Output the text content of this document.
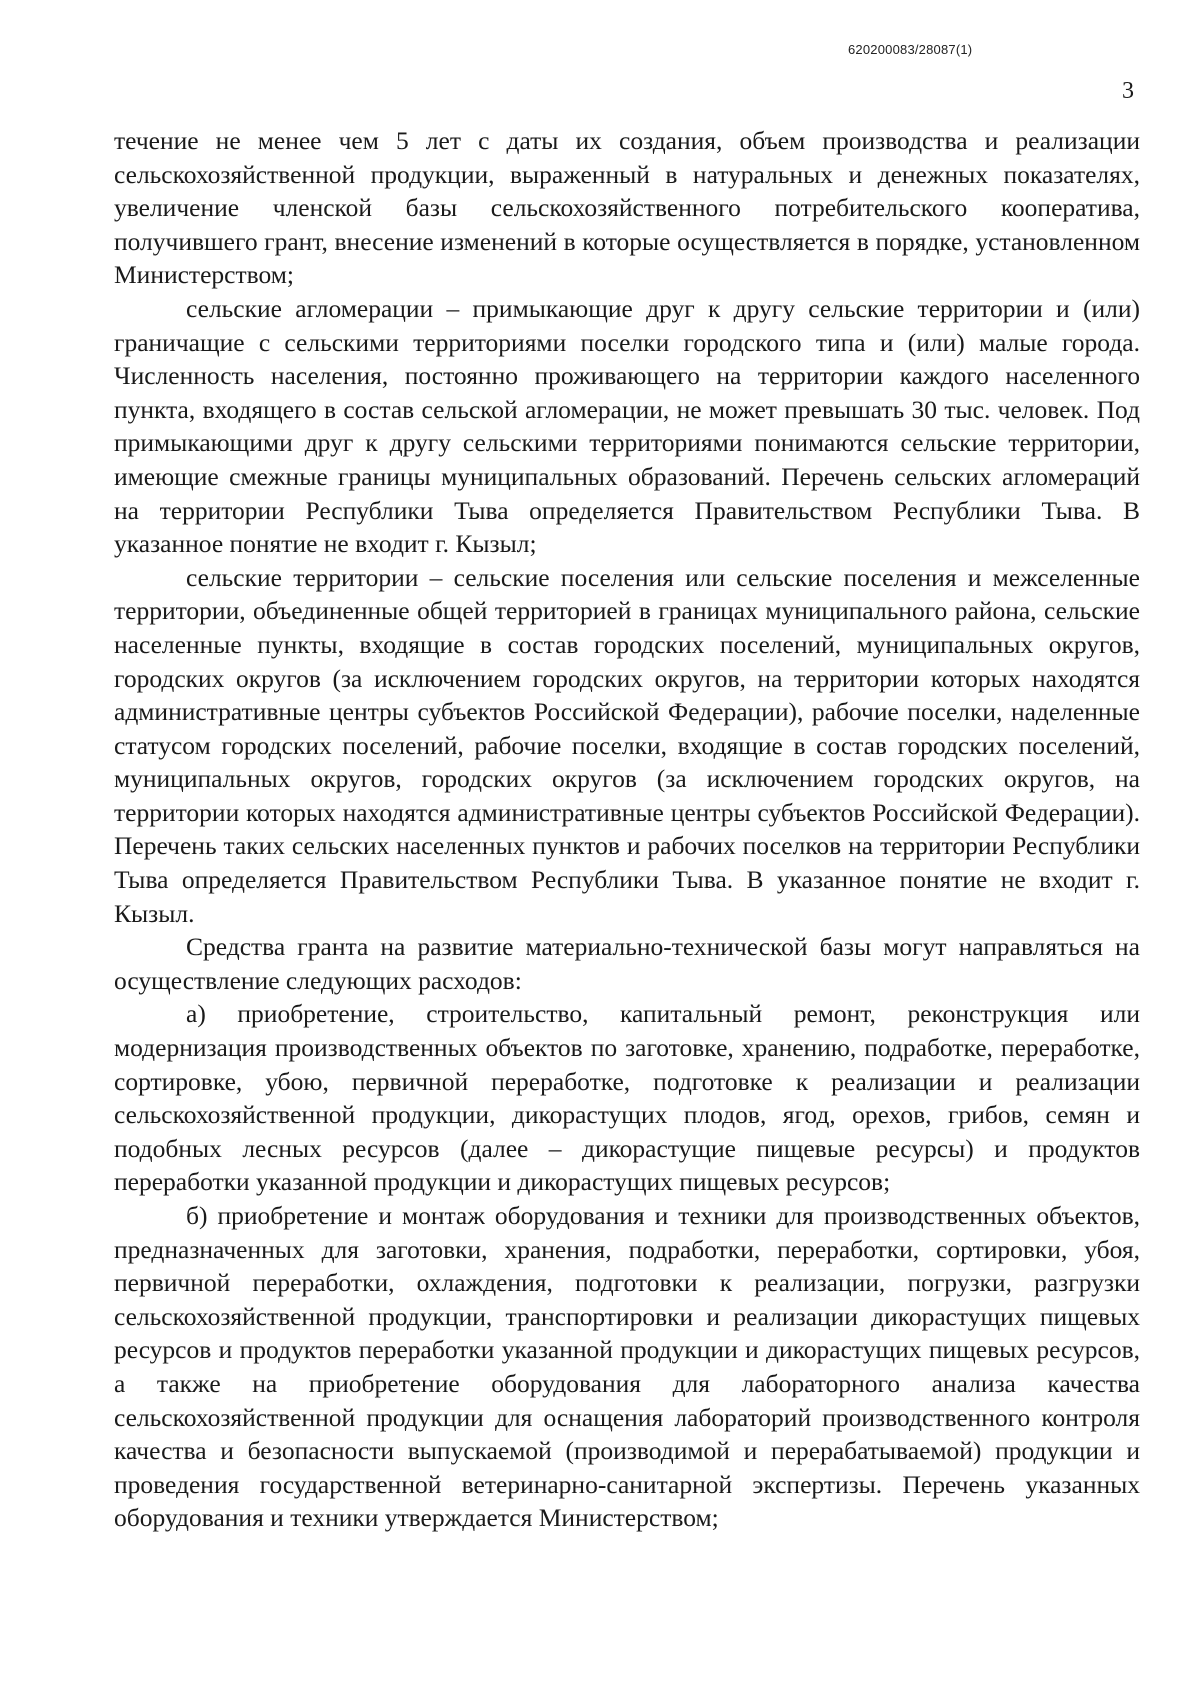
620200083/28087(1)
3

течение не менее чем 5 лет с даты их создания, объем производства и реализации сельскохозяйственной продукции, выраженный в натуральных и денежных показателях, увеличение членской базы сельскохозяйственного потребительского кооператива, получившего грант, внесение изменений в которые осуществляется в порядке, установленном Министерством;

сельские агломерации – примыкающие друг к другу сельские территории и (или) граничащие с сельскими территориями поселки городского типа и (или) малые города. Численность населения, постоянно проживающего на территории каждого населенного пункта, входящего в состав сельской агломерации, не может превышать 30 тыс. человек. Под примыкающими друг к другу сельскими территориями понимаются сельские территории, имеющие смежные границы муниципальных образований. Перечень сельских агломераций на территории Республики Тыва определяется Правительством Республики Тыва. В указанное понятие не входит г. Кызыл;

сельские территории – сельские поселения или сельские поселения и межселенные территории, объединенные общей территорией в границах муниципального района, сельские населенные пункты, входящие в состав городских поселений, муниципальных округов, городских округов (за исключением городских округов, на территории которых находятся административные центры субъектов Российской Федерации), рабочие поселки, наделенные статусом городских поселений, рабочие поселки, входящие в состав городских поселений, муниципальных округов, городских округов (за исключением городских округов, на территории которых находятся административные центры субъектов Российской Федерации). Перечень таких сельских населенных пунктов и рабочих поселков на территории Республики Тыва определяется Правительством Республики Тыва. В указанное понятие не входит г. Кызыл.

Средства гранта на развитие материально-технической базы могут направляться на осуществление следующих расходов:

а) приобретение, строительство, капитальный ремонт, реконструкция или модернизация производственных объектов по заготовке, хранению, подработке, переработке, сортировке, убою, первичной переработке, подготовке к реализации и реализации сельскохозяйственной продукции, дикорастущих плодов, ягод, орехов, грибов, семян и подобных лесных ресурсов (далее – дикорастущие пищевые ресурсы) и продуктов переработки указанной продукции и дикорастущих пищевых ресурсов;

б) приобретение и монтаж оборудования и техники для производственных объектов, предназначенных для заготовки, хранения, подработки, переработки, сортировки, убоя, первичной переработки, охлаждения, подготовки к реализации, погрузки, разгрузки сельскохозяйственной продукции, транспортировки и реализации дикорастущих пищевых ресурсов и продуктов переработки указанной продукции и дикорастущих пищевых ресурсов, а также на приобретение оборудования для лабораторного анализа качества сельскохозяйственной продукции для оснащения лабораторий производственного контроля качества и безопасности выпускаемой (производимой и перерабатываемой) продукции и проведения государственной ветеринарно-санитарной экспертизы. Перечень указанных оборудования и техники утверждается Министерством;
